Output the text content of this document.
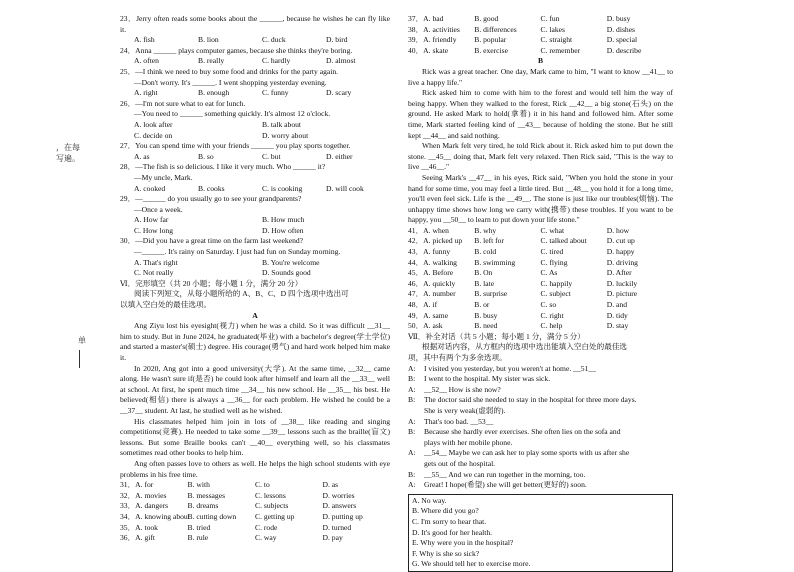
，在每
写遍。
单
23．Jerry often reads some books about the ______, because he wishes he can fly like it.
A. fish	B. lion	C. duck	D. bird
24．Anna ______ plays computer games, because she thinks they're boring.
A. often	B. really	C. hardly	D. almost
25．—I think we need to buy some food and drinks for the party again.
—Don't worry. It's ______. I went shopping yesterday evening.
A. right	B. enough	C. funny	D. scary
26．—I'm not sure what to eat for lunch.
—You need to ______ something quickly. It's almost 12 o'clock.
A. look after	B. talk about
C. decide on	D. worry about
27．You can spend time with your friends ______ you play sports together.
A. as	B. so	C. but	D. either
28．—The fish is so delicious. I like it very much. Who ______ it?
—My uncle, Mark.
A. cooked	B. cooks	C. is cooking	D. will cook
29．—______ do you usually go to see your grandparents?
—Once a week.
A. How far	B. How much
C. How long	D. How often
30．—Did you have a great time on the farm last weekend?
—______. It's rainy on Saturday. I just had fun on Sunday morning.
A. That's right	B. You're welcome
C. Not really	D. Sounds good
Ⅵ．完形填空（共 20 小题；每小题 1 分，满分 20 分）
阅读下列短文，从每小题所给的 A、B、C、D 四个选项中选出可
以填入空白处的最佳选项。
A
Ang Ziyu lost his eyesight(视力) when he was a child. So it was difficult __31__ him to study. But in June 2024, he graduated(毕业) with a bachelor's degree(学士学位) and started a master's(硕士) degree. His courage(勇气) and hard work helped him make it.
In 2020, Ang got into a good university(大学). At the same time, __32__ came along. He wasn't sure if(是否) he could look after himself and learn all the __33__ well at school. At first, he spent much time __34__ his new school. He __35__ his best. He believed(相信) there is always a __36__ for each problem. He wished he could be a __37__ student. At last, he studied well as he wished.
His classmates helped him join in lots of __38__ like reading and singing competitions(竞赛). He needed to take some __39__ lessons such as the braille(盲文) lessons. But some Braille books can't __40__ everything well, so his classmates sometimes read other books to help him.
Ang often passes love to others as well. He helps the high school students with eye problems in his free time.
31．A. for	B. with	C. to	D. as
32．A. movies	B. messages	C. lessons	D. worries
33．A. dangers	B. dreams	C. subjects	D. answers
34．A. knowing about
B. cutting down	C. getting up	D. putting up
35．A. took	B. tried	C. rode	D. turned
36．A. gift	B. rule	C. way	D. pay
37．A. bad	B. good	C. fun	D. busy
38．A. activities	B. differences	C. lakes	D. dishes
39．A. friendly	B. popular	C. straight	D. special
40．A. skate	B. exercise	C. remember	D. describe
B
Rick was a great teacher. One day, Mark came to him, "I want to know __41__ to live a happy life."
Rick asked him to come with him to the forest and would tell him the way of being happy. When they walked to the forest, Rick __42__ a big stone(石头) on the ground. He asked Mark to hold(拿着) it in his hand and followed him. After some time, Mark started feeling kind of __43__ because of holding the stone. But he still kept __44__ and said nothing.
When Mark felt very tired, he told Rick about it. Rick asked him to put down the stone. __45__ doing that, Mark felt very relaxed. Then Rick said, "This is the way to live __46__."
Seeing Mark's __47__ in his eyes, Rick said, "When you hold the stone in your hand for some time, you may feel a little tired. But __48__ you hold it for a long time, you'll even feel sick. Life is the __49__. The stone is just like our troubles(烦恼). The unhappy time shows how long we carry with(携带) these troubles. If you want to be happy, you __50__ to learn to put down your life stone."
41．A. when	B. why	C. what	D. how
42．A. picked up	B. left for	C. talked about	D. cut up
43．A. funny	B. cold	C. tired	D. happy
44．A. walking	B. swimming	C. flying	D. driving
45．A. Before	B. On	C. As	D. After
46．A. quickly	B. late	C. happily	D. luckily
47．A. number	B. surprise	C. subject	D. picture
48．A. if	B. or	C. so	D. and
49．A. same	B. busy	C. right	D. tidy
50．A. ask	B. need	C. help	D. stay
Ⅶ．补全对话（共 5 小题；每小题 1 分，满分 5 分）
根据对话内容，从方框内的选项中选出能填入空白处的最佳选
项，其中有两个为多余选项。
A: I visited you yesterday, but you weren't at home. __51__
B: I went to the hospital. My sister was sick.
A: __52__ How is she now?
B: The doctor said she needed to stay in the hospital for three more days.
She is very weak(虚弱的).
A: That's too bad. __53__
B: Because she hardly ever exercises. She often lies on the sofa and
plays with her mobile phone.
A: __54__ Maybe we can ask her to play some sports with us after she
gets out of the hospital.
B: __55__ And we can run together in the morning, too.
A: Great! I hope(希望) she will get better(更好的) soon.
A. No way.
B. Where did you go?
C. I'm sorry to hear that.
D. It's good for her health.
E. Why were you in the hospital?
F. Why is she so sick?
G. We should tell her to exercise more.
